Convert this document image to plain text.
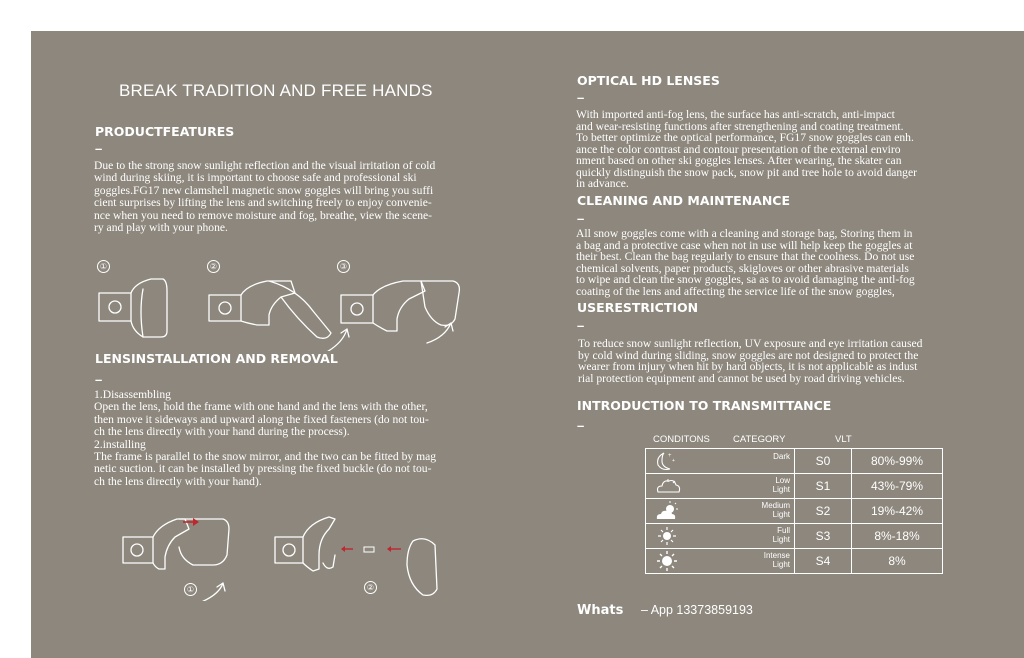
BREAK TRADITION AND FREE HANDS
PRODUCTFEATURES
–

Due to the strong snow sunlight reflection and the visual irritation of cold

wind during skiing, it is important to choose safe and professional ski

goggles.FG17 new clamshell magnetic snow goggles will bring you suffi

cient surprises by lifting the lens and switching freely to enjoy convenie-

nce when you need to remove moisture and fog, breathe, view the scene-

ry and play with your phone.

①	②	③
LENSINSTALLATION AND REMOVAL
–

1.Disassembling

Open the lens, hold the frame with one hand and the lens with the other,

then move it sideways and upward along the fixed fasteners (do not tou-

ch the lens directly with your hand during the process).

2.installing

The frame is parallel to the snow mirror, and the two can be fitted by mag

netic suction. it can be installed by pressing the fixed buckle (do not tou-

ch the lens directly with your hand).

①	②
OPTICAL HD LENSES
–

With imported anti-fog lens, the surface has anti-scratch, anti-impact

and wear-resisting functions after strengthening and coating treatment.

To better optimize the optical performance, FG17 snow goggles can enh.

ance the color contrast and contour presentation of the external enviro

nment based on other ski goggles lenses. After wearing, the skater can

quickly distinguish the snow pack, snow pit and tree hole to avoid danger

in advance.

CLEANING AND MAINTENANCE
–

All snow goggles come with a cleaning and storage bag, Storing them in

a bag and a protective case when not in use will help keep the goggles at

their best. Clean the bag regularly to ensure that the coolness. Do not use

chemical solvents, paper products, skigloves or other abrasive materials

to wipe and clean the snow goggles, sa as to avoid damaging the antl-fog

coating of the lens and affecting the service life of the snow goggles,

USERESTRICTION
–

To reduce snow sunlight reflection, UV exposure and eye irritation caused

by cold wind during sliding, snow goggles are not designed to protect the

wearer from injury when hit by hard objects, it is not applicable as indust

rial protection equipment and cannot be used by road driving vehicles.

INTRODUCTION TO TRANSMITTANCE
–
CONDITONS CATEGORY	VLT
+
+ Dark	S0	80%-99%

Low
Light	S1	43%-79%

Medium
Light	S2	19%-42%

Full
Light	S3	8%-18%

Intense
Light	S4	8%
Whats – App 13373859193
